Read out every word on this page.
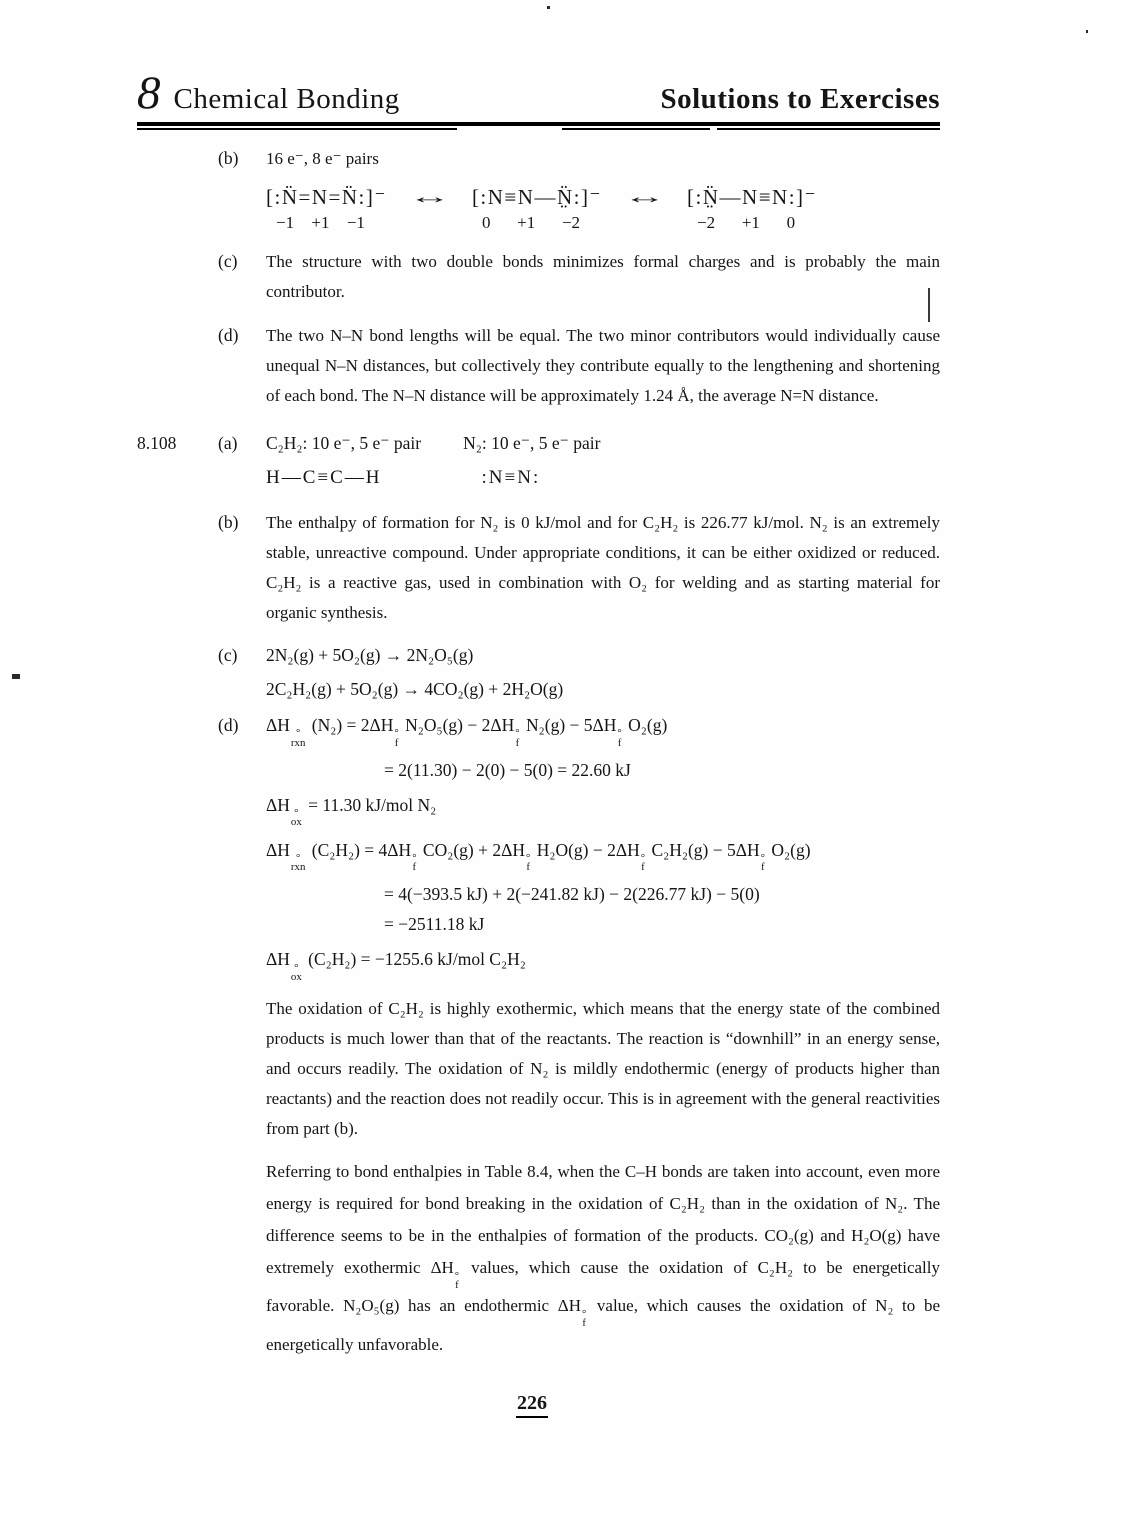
8 Chemical Bonding	Solutions to Exercises
(b)	16 e⁻, 8 e⁻ pairs
[:N̈=N=N̈:]⁻
−1 +1 −1
↔ [:N≡N—N̤̈:]⁻
0 +1 −2
↔ [:N̤̈—N≡N:]⁻
−2 +1 0
(c)	The structure with two double bonds minimizes formal charges and is probably the main contributor.
(d)	The two N–N bond lengths will be equal. The two minor contributors would individually cause unequal N–N distances, but collectively they contribute equally to the lengthening and shortening of each bond. The N–N distance will be approximately 1.24 Å, the average N=N distance.
8.108	(a)	C₂H₂: 10 e⁻, 5 e⁻ pair N₂: 10 e⁻, 5 e⁻ pair
H—C≡C—H	:N≡N:
(b)	The enthalpy of formation for N₂ is 0 kJ/mol and for C₂H₂ is 226.77 kJ/mol. N₂ is an extremely stable, unreactive compound. Under appropriate conditions, it can be either oxidized or reduced. C₂H₂ is a reactive gas, used in combination with O₂ for welding and as starting material for organic synthesis.
(c)	2N₂(g) + 5O₂(g) → 2N₂O₅(g)
2C₂H₂(g) + 5O₂(g) → 4CO₂(g) + 2H₂O(g)
(d)	ΔH °
rxn
(N₂) = 2ΔH °
f
N₂O₅(g) − 2ΔH °
f
N₂(g) − 5ΔH °
f
O₂(g)
= 2(11.30) − 2(0) − 5(0) = 22.60 kJ
ΔH °
ox
= 11.30 kJ/mol N₂
ΔH °
rxn
(C₂H₂) = 4ΔH °
f
CO₂(g) + 2ΔH °
f
H₂O(g) − 2ΔH °
f
C₂H₂(g) − 5ΔH °
f
O₂(g)
= 4(−393.5 kJ) + 2(−241.82 kJ) − 2(226.77 kJ) − 5(0)
= −2511.18 kJ
ΔH °
ox
(C₂H₂) = −1255.6 kJ/mol C₂H₂
The oxidation of C₂H₂ is highly exothermic, which means that the energy state of the combined products is much lower than that of the reactants. The reaction is “downhill” in an energy sense, and occurs readily. The oxidation of N₂ is mildly endothermic (energy of products higher than reactants) and the reaction does not readily occur. This is in agreement with the general reactivities from part (b).
Referring to bond enthalpies in Table 8.4, when the C–H bonds are taken into account, even more energy is required for bond breaking in the oxidation of C₂H₂ than in the oxidation of N₂. The difference seems to be in the enthalpies of formation of the products. CO₂(g) and H₂O(g) have extremely exothermic ΔH °
f
values, which cause the oxidation of C₂H₂ to be energetically favorable. N₂O₅(g) has an endothermic ΔH °
f
value, which causes the oxidation of N₂ to be energetically unfavorable.
226
